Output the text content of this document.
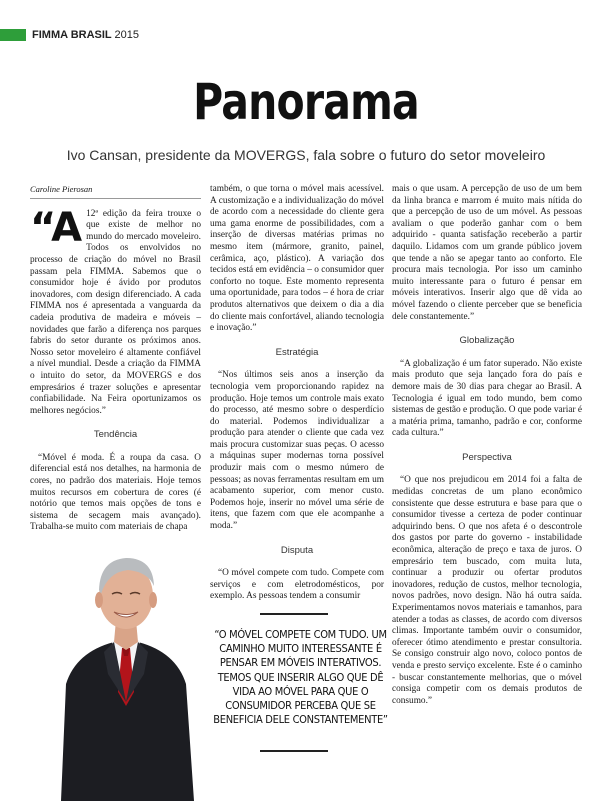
FIMMA BRASIL 2015
Panorama
Ivo Cansan, presidente da MOVERGS, fala sobre o futuro do setor moveleiro
Caroline Pierosan

“A 12ª edição da feira trouxe o que existe de melhor no mundo do mercado moveleiro. Todos os envolvidos no processo de criação do móvel no Brasil passam pela FIMMA. Sabemos que o consumidor hoje é ávido por produtos inovadores, com design diferenciado. A cada FIMMA nos é apresentada a vanguarda da cadeia produtiva de madeira e móveis – novidades que farão a diferença nos parques fabris do setor durante os próximos anos. Nosso setor moveleiro é altamente confiável a nível mundial. Desde a criação da FIMMA o intuito do setor, da MOVERGS e dos empresários é trazer soluções e apresentar confiabilidade. Na Feira oportunizamos os melhores negócios.”

Tendência

“Móvel é moda. É a roupa da casa. O diferencial está nos detalhes, na harmonia de cores, no padrão dos materiais. Hoje temos muitos recursos em cobertura de cores (é notório que temos mais opções de tons e sistema de secagem mais avançado). Trabalha-se muito com materiais de chapa

também, o que torna o móvel mais acessível. A customização e a individualização do móvel de acordo com a necessidade do cliente gera uma gama enorme de possibilidades, com a inserção de diversas matérias primas no mesmo item (mármore, granito, painel, cerâmica, aço, plástico). A variação dos tecidos está em evidência – o consumidor quer conforto no toque. Este momento representa uma oportunidade, para todos – é hora de criar produtos alternativos que deixem o dia a dia do cliente mais confortável, aliando tecnologia e inovação.”

Estratégia

“Nos últimos seis anos a inserção da tecnologia vem proporcionando rapidez na produção. Hoje temos um controle mais exato do processo, até mesmo sobre o desperdício do material. Podemos individualizar a produção para atender o cliente que cada vez mais procura customizar suas peças. O acesso a máquinas super modernas torna possível produzir mais com o mesmo número de pessoas; as novas ferramentas resultam em um acabamento superior, com menor custo. Podemos hoje, inserir no móvel uma série de itens, que fazem com que ele acompanhe a moda.”

Disputa

“O móvel compete com tudo. Compete com serviços e com eletrodomésticos, por exemplo. As pessoas tendem a consumir

“O MÓVEL COMPETE COM TUDO. UM CAMINHO MUITO INTERESSANTE É PENSAR EM MÓVEIS INTERATIVOS. TEMOS QUE INSERIR ALGO QUE DÊ VIDA AO MÓVEL PARA QUE O CONSUMIDOR PERCEBA QUE SE BENEFICIA DELE CONSTANTEMENTE”

mais o que usam. A percepção de uso de um bem da linha branca e marrom é muito mais nítida do que a percepção de uso de um móvel. As pessoas avaliam o que poderão ganhar com o bem adquirido - quanta satisfação receberão a partir daquilo. Lidamos com um grande público jovem que tende a não se apegar tanto ao conforto. Ele procura mais tecnologia. Por isso um caminho muito interessante para o futuro é pensar em móveis interativos. Inserir algo que dê vida ao móvel fazendo o cliente perceber que se beneficia dele constantemente.”

Globalização

“A globalização é um fator superado. Não existe mais produto que seja lançado fora do país e demore mais de 30 dias para chegar ao Brasil. A Tecnologia é igual em todo mundo, bem como sistemas de gestão e produção. O que pode variar é a matéria prima, tamanho, padrão e cor, conforme cada cultura.”

Perspectiva

“O que nos prejudicou em 2014 foi a falta de medidas concretas de um plano econômico consistente que desse estrutura e base para que o consumidor tivesse a certeza de poder continuar adquirindo bens. O que nos afeta é o descontrole dos gastos por parte do governo - instabilidade econômica, alteração de preço e taxa de juros. O empresário tem buscado, com muita luta, continuar a produzir ou ofertar produtos inovadores, redução de custos, melhor tecnologia, novos padrões, novo design. Não há outra saída. Experimentamos novos materiais e tamanhos, para atender a todas as classes, de acordo com diversos climas. Importante também ouvir o consumidor, oferecer ótimo atendimento e prestar consultoria. Se consigo construir algo novo, coloco pontos de venda e presto serviço excelente. Este é o caminho - buscar constantemente melhorias, que o móvel consiga competir com os demais produtos de consumo.”
